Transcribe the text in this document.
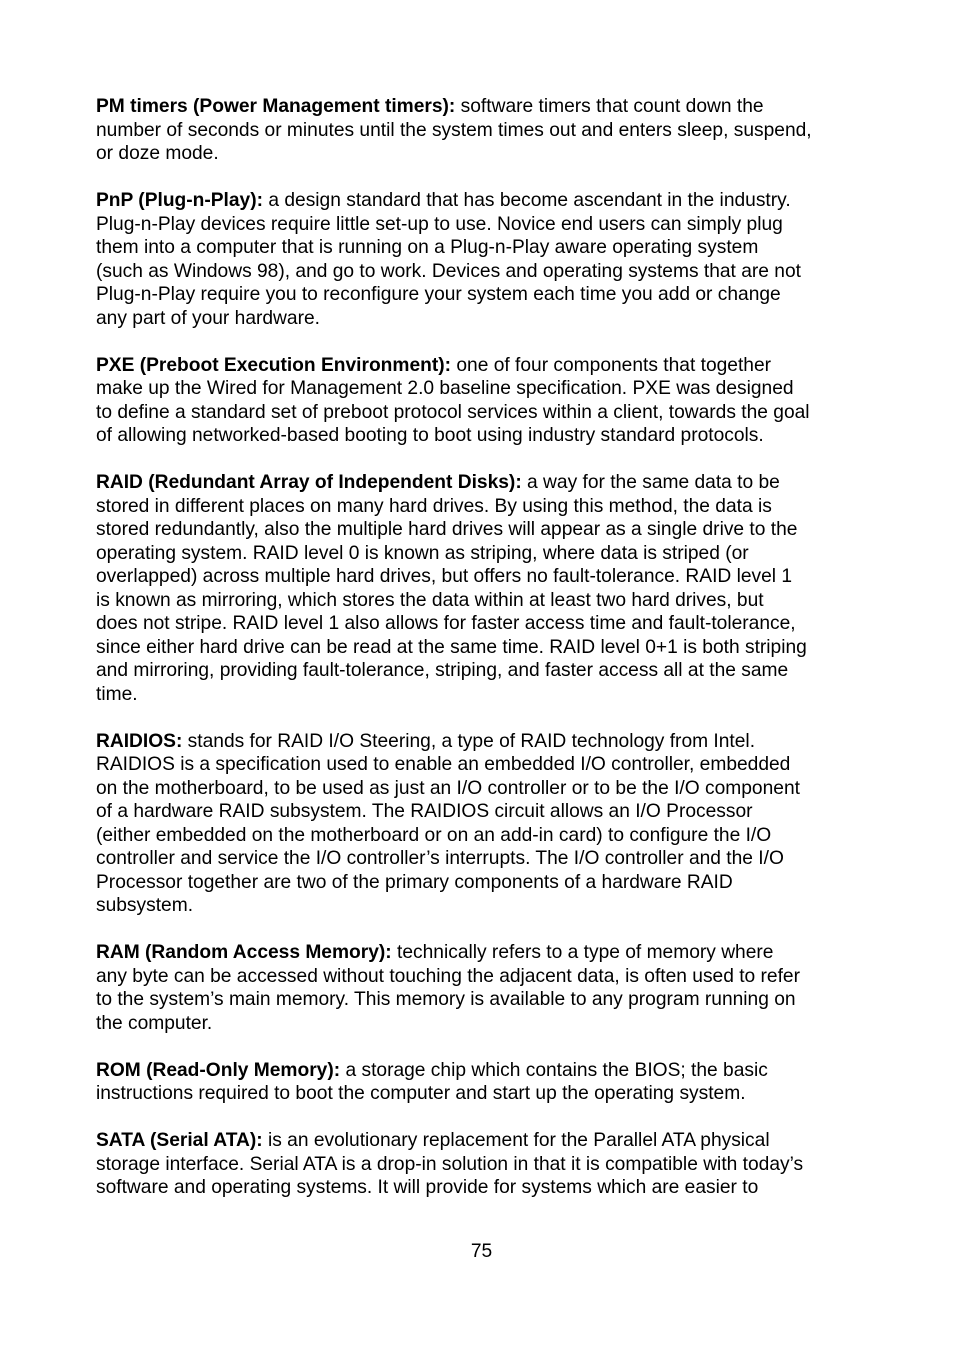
PM timers (Power Management timers): software timers that count down the
number of seconds or minutes until the system times out and enters sleep, suspend,
or doze mode.

PnP (Plug-n-Play): a design standard that has become ascendant in the industry.
Plug-n-Play devices require little set-up to use. Novice end users can simply plug
them into a computer that is running on a Plug-n-Play aware operating system
(such as Windows 98), and go to work. Devices and operating systems that are not
Plug-n-Play require you to reconfigure your system each time you add or change
any part of your hardware.

PXE (Preboot Execution Environment): one of four components that together
make up the Wired for Management 2.0 baseline specification. PXE was designed
to define a standard set of preboot protocol services within a client, towards the goal
of allowing networked-based booting to boot using industry standard protocols.

RAID (Redundant Array of Independent Disks): a way for the same data to be
stored in different places on many hard drives. By using this method, the data is
stored redundantly, also the multiple hard drives will appear as a single drive to the
operating system. RAID level 0 is known as striping, where data is striped (or
overlapped) across multiple hard drives, but offers no fault-tolerance. RAID level 1
is known as mirroring, which stores the data within at least two hard drives, but
does not stripe. RAID level 1 also allows for faster access time and fault-tolerance,
since either hard drive can be read at the same time. RAID level 0+1 is both striping
and mirroring, providing fault-tolerance, striping, and faster access all at the same
time.

RAIDIOS: stands for RAID I/O Steering, a type of RAID technology from Intel.
RAIDIOS is a specification used to enable an embedded I/O controller, embedded
on the motherboard, to be used as just an I/O controller or to be the I/O component
of a hardware RAID subsystem. The RAIDIOS circuit allows an I/O Processor
(either embedded on the motherboard or on an add-in card) to configure the I/O
controller and service the I/O controller’s interrupts. The I/O controller and the I/O
Processor together are two of the primary components of a hardware RAID
subsystem.

RAM (Random Access Memory): technically refers to a type of memory where
any byte can be accessed without touching the adjacent data, is often used to refer
to the system’s main memory. This memory is available to any program running on
the computer.

ROM (Read-Only Memory): a storage chip which contains the BIOS; the basic
instructions required to boot the computer and start up the operating system.

SATA (Serial ATA): is an evolutionary replacement for the Parallel ATA physical
storage interface. Serial ATA is a drop-in solution in that it is compatible with today’s
software and operating systems. It will provide for systems which are easier to

75
